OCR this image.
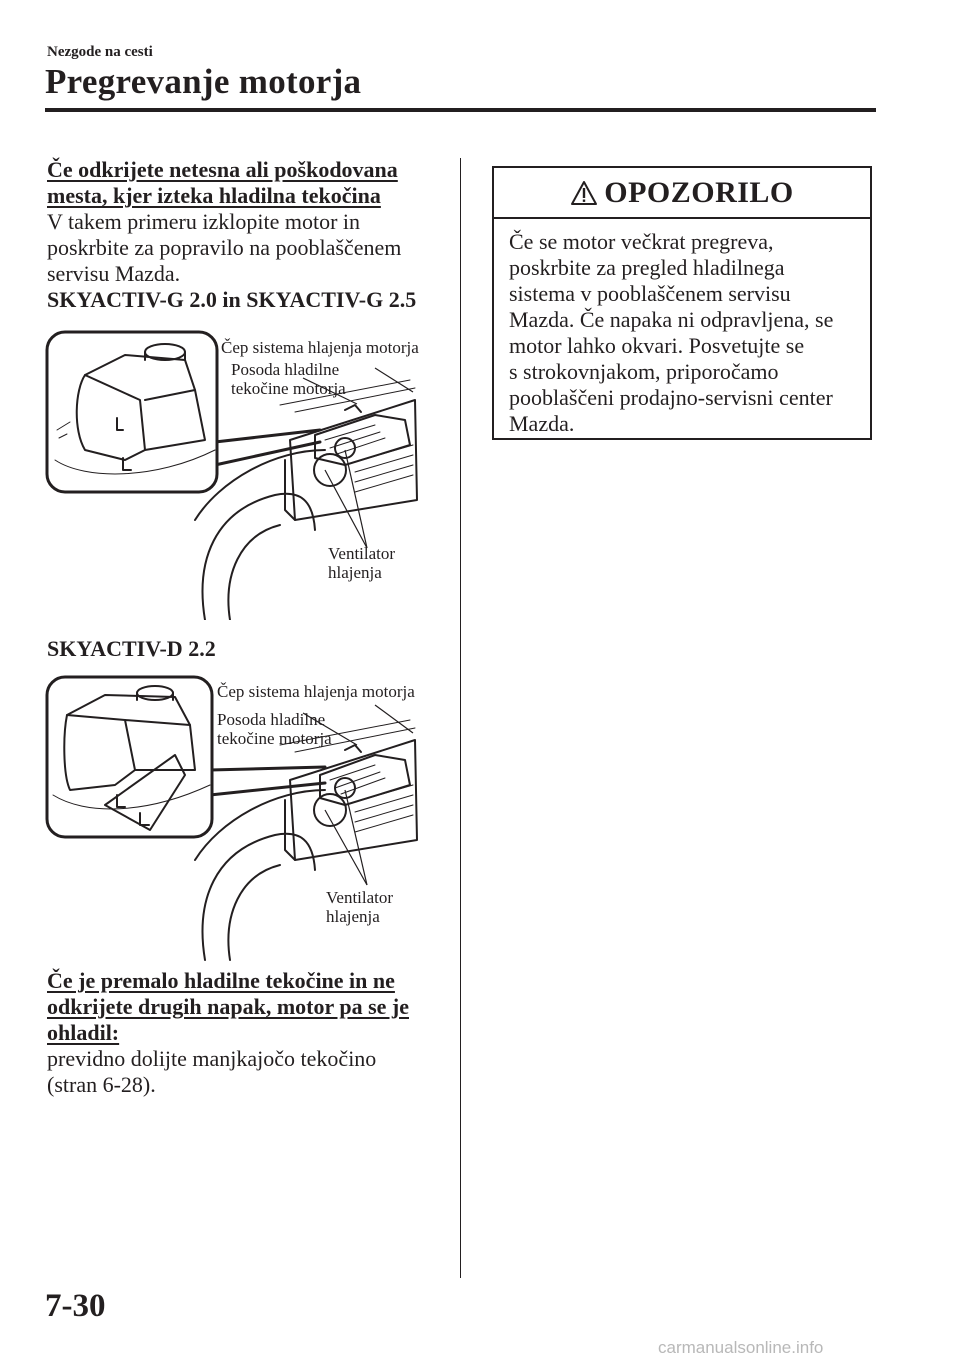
Nezgode na cesti
Pregrevanje motorja

Če odkrijete netesna ali poškodovana

mesta, kjer izteka hladilna tekočina

V takem primeru izklopite motor in

poskrbite za popravilo na pooblaščenem

servisu Mazda.

SKYACTIV-G 2.0 in SKYACTIV-G 2.5

Čep sistema hlajenja motorja
Posoda hladilne
tekočine motorja
Ventilator
hlajenja
SKYACTIV-D 2.2
Čep sistema hlajenja motorja
Posoda hladilne
tekočine motorja
Ventilator
hlajenja

Če je premalo hladilne tekočine in ne

odkrijete drugih napak, motor pa se je

ohladil:

previdno dolijte manjkajočo tekočino

(stran 6-28).

OPOZORILO
Če se motor večkrat pregreva,
poskrbite za pregled hladilnega
sistema v pooblaščenem servisu
Mazda. Če napaka ni odpravljena, se
motor lahko okvari. Posvetujte se
s strokovnjakom, priporočamo
pooblaščeni prodajno-servisni center
Mazda.
7-30
carmanualsonline.info
